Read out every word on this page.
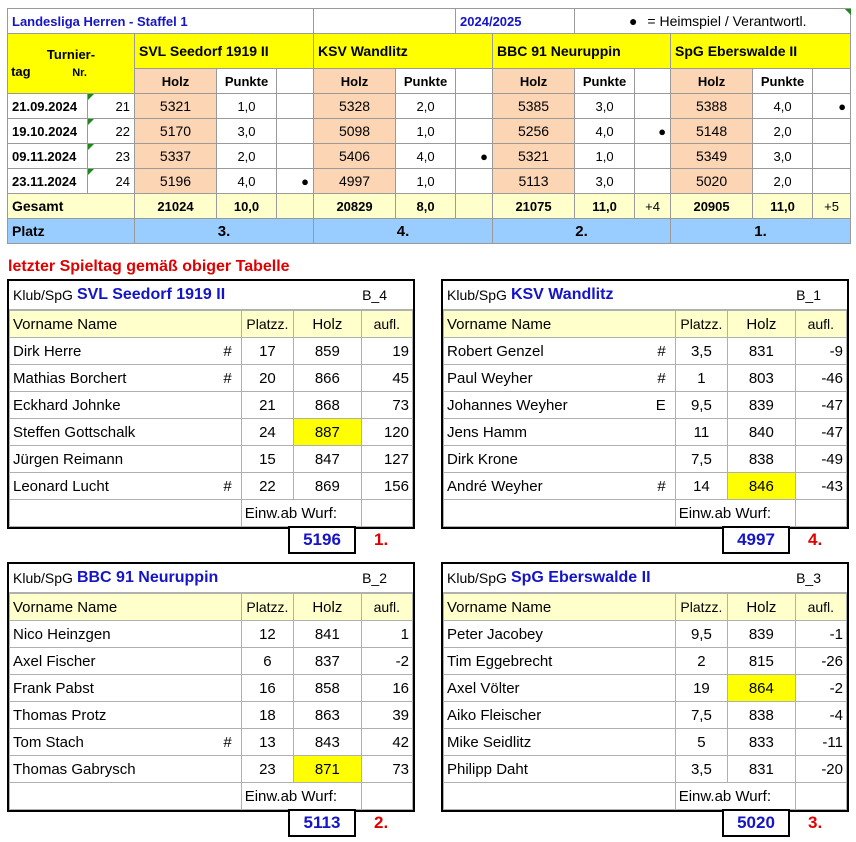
Landesliga Herren - Staffel 1							2024/2025		● = Heimspiel / Verantwortl.				
Turnier-
tag Nr.		SVL Seedorf 1919 II			KSV Wandlitz			BBC 91 Neuruppin			SpG Eberswalde II		
		Holz	Punkte		Holz	Punkte		Holz	Punkte		Holz	Punkte	
21.09.2024	21	5321	1,0		5328	2,0		5385	3,0		5388	4,0	●
19.10.2024	22	5170	3,0		5098	1,0		5256	4,0	●	5148	2,0	
09.11.2024	23	5337	2,0		5406	4,0	●	5321	1,0		5349	3,0	
23.11.2024	24	5196	4,0	●	4997	1,0		5113	3,0		5020	2,0	
Gesamt		21024	10,0		20829	8,0		21075	11,0	+4	20905	11,0	+5
Platz		3.			4.			2.			1.		
letzter Spieltag gemäß obiger Tabelle
Klub/SpG SVL Seedorf 1919 II	B_4
Vorname Name	Platzz.	Holz	aufl.
Dirk Herre #	17	859	19
Mathias Borchert #	20	866	45
Eckhard Johnke	21	868	73
Steffen Gottschalk	24	887	120
Jürgen Reimann	15	847	127
Leonard Lucht #	22	869	156
	Einw.ab Wurf:		
5196	1.
Klub/SpG KSV Wandlitz	B_1
Vorname Name	Platzz.	Holz	aufl.
Robert Genzel #	3,5	831	-9
Paul Weyher #	1	803	-46
Johannes Weyher E	9,5	839	-47
Jens Hamm	11	840	-47
Dirk Krone	7,5	838	-49
André Weyher #	14	846	-43
	Einw.ab Wurf:		
4997	4.
Klub/SpG BBC 91 Neuruppin	B_2
Vorname Name	Platzz.	Holz	aufl.
Nico Heinzgen	12	841	1
Axel Fischer	6	837	-2
Frank Pabst	16	858	16
Thomas Protz	18	863	39
Tom Stach #	13	843	42
Thomas Gabrysch	23	871	73
	Einw.ab Wurf:		
5113	2.
Klub/SpG SpG Eberswalde II	B_3
Vorname Name	Platzz.	Holz	aufl.
Peter Jacobey	9,5	839	-1
Tim Eggebrecht	2	815	-26
Axel Völter	19	864	-2
Aiko Fleischer	7,5	838	-4
Mike Seidlitz	5	833	-11
Philipp Daht	3,5	831	-20
	Einw.ab Wurf:		
5020	3.
